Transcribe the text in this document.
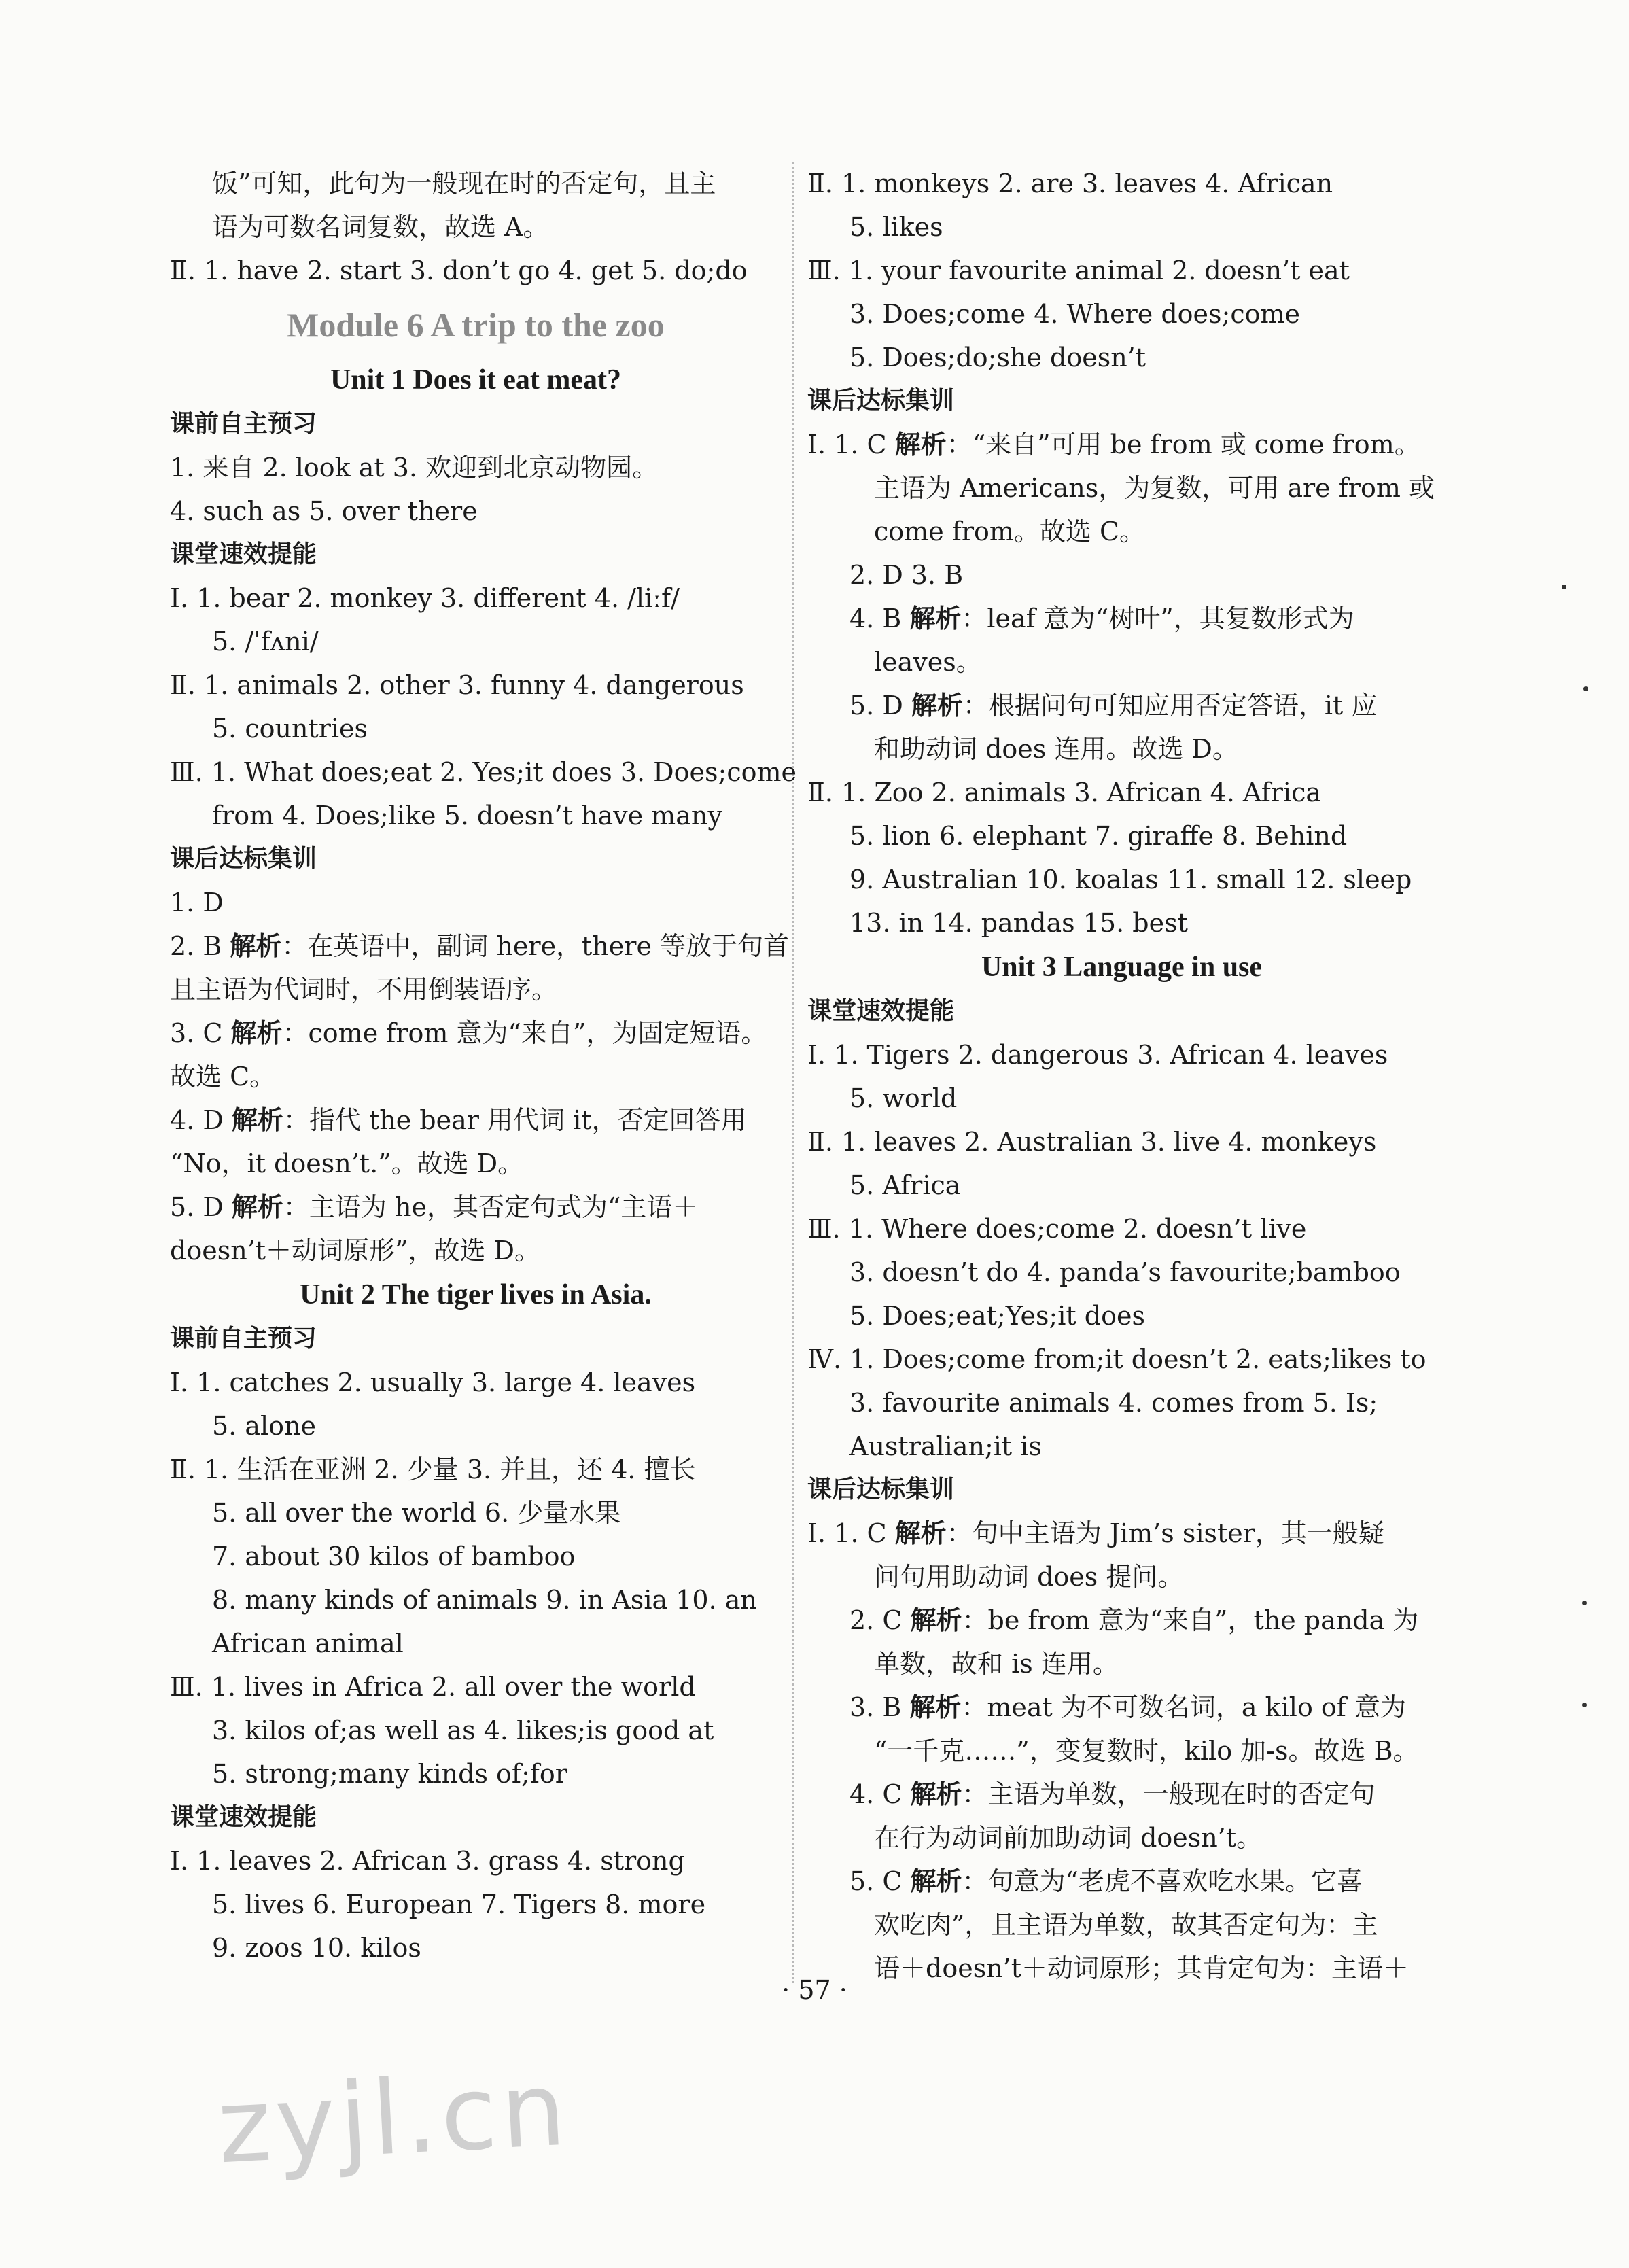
饭”可知，此句为一般现在时的否定句，且主
语为可数名词复数，故选 A。
Ⅱ. 1. have 2. start 3. don’t go 4. get 5. do;do
Module 6 A trip to the zoo
Unit 1 Does it eat meat?
课前自主预习
1. 来自 2. look at 3. 欢迎到北京动物园。
4. such as 5. over there
课堂速效提能
Ⅰ. 1. bear 2. monkey 3. different 4. /liːf/
5. /ˈfʌni/
Ⅱ. 1. animals 2. other 3. funny 4. dangerous
5. countries
Ⅲ. 1. What does;eat 2. Yes;it does 3. Does;come
from 4. Does;like 5. doesn’t have many
课后达标集训
1. D
2. B 解析：在英语中，副词 here，there 等放于句首
且主语为代词时，不用倒装语序。
3. C 解析：come from 意为“来自”，为固定短语。
故选 C。
4. D 解析：指代 the bear 用代词 it，否定回答用
“No，it doesn’t.”。故选 D。
5. D 解析：主语为 he，其否定句式为“主语＋
doesn’t＋动词原形”，故选 D。
Unit 2 The tiger lives in Asia.
课前自主预习
Ⅰ. 1. catches 2. usually 3. large 4. leaves
5. alone
Ⅱ. 1. 生活在亚洲 2. 少量 3. 并且，还 4. 擅长
5. all over the world 6. 少量水果
7. about 30 kilos of bamboo
8. many kinds of animals 9. in Asia 10. an
African animal
Ⅲ. 1. lives in Africa 2. all over the world
3. kilos of;as well as 4. likes;is good at
5. strong;many kinds of;for
课堂速效提能
Ⅰ. 1. leaves 2. African 3. grass 4. strong
5. lives 6. European 7. Tigers 8. more
9. zoos 10. kilos
Ⅱ. 1. monkeys 2. are 3. leaves 4. African
5. likes
Ⅲ. 1. your favourite animal 2. doesn’t eat
3. Does;come 4. Where does;come
5. Does;do;she doesn’t
课后达标集训
Ⅰ. 1. C 解析：“来自”可用 be from 或 come from。
主语为 Americans，为复数，可用 are from 或
come from。故选 C。
2. D 3. B
4. B 解析：leaf 意为“树叶”，其复数形式为
leaves。
5. D 解析：根据问句可知应用否定答语，it 应
和助动词 does 连用。故选 D。
Ⅱ. 1. Zoo 2. animals 3. African 4. Africa
5. lion 6. elephant 7. giraffe 8. Behind
9. Australian 10. koalas 11. small 12. sleep
13. in 14. pandas 15. best
Unit 3 Language in use
课堂速效提能
Ⅰ. 1. Tigers 2. dangerous 3. African 4. leaves
5. world
Ⅱ. 1. leaves 2. Australian 3. live 4. monkeys
5. Africa
Ⅲ. 1. Where does;come 2. doesn’t live
3. doesn’t do 4. panda’s favourite;bamboo
5. Does;eat;Yes;it does
Ⅳ. 1. Does;come from;it doesn’t 2. eats;likes to
3. favourite animals 4. comes from 5. Is;
Australian;it is
课后达标集训
Ⅰ. 1. C 解析：句中主语为 Jim’s sister，其一般疑
问句用助动词 does 提问。
2. C 解析：be from 意为“来自”，the panda 为
单数，故和 is 连用。
3. B 解析：meat 为不可数名词，a kilo of 意为
“一千克……”，变复数时，kilo 加-s。故选 B。
4. C 解析：主语为单数，一般现在时的否定句
在行为动词前加助动词 doesn’t。
5. C 解析：句意为“老虎不喜欢吃水果。它喜
欢吃肉”，且主语为单数，故其否定句为：主
语＋doesn’t＋动词原形；其肯定句为：主语＋
· 57 ·
zyjl.cn
